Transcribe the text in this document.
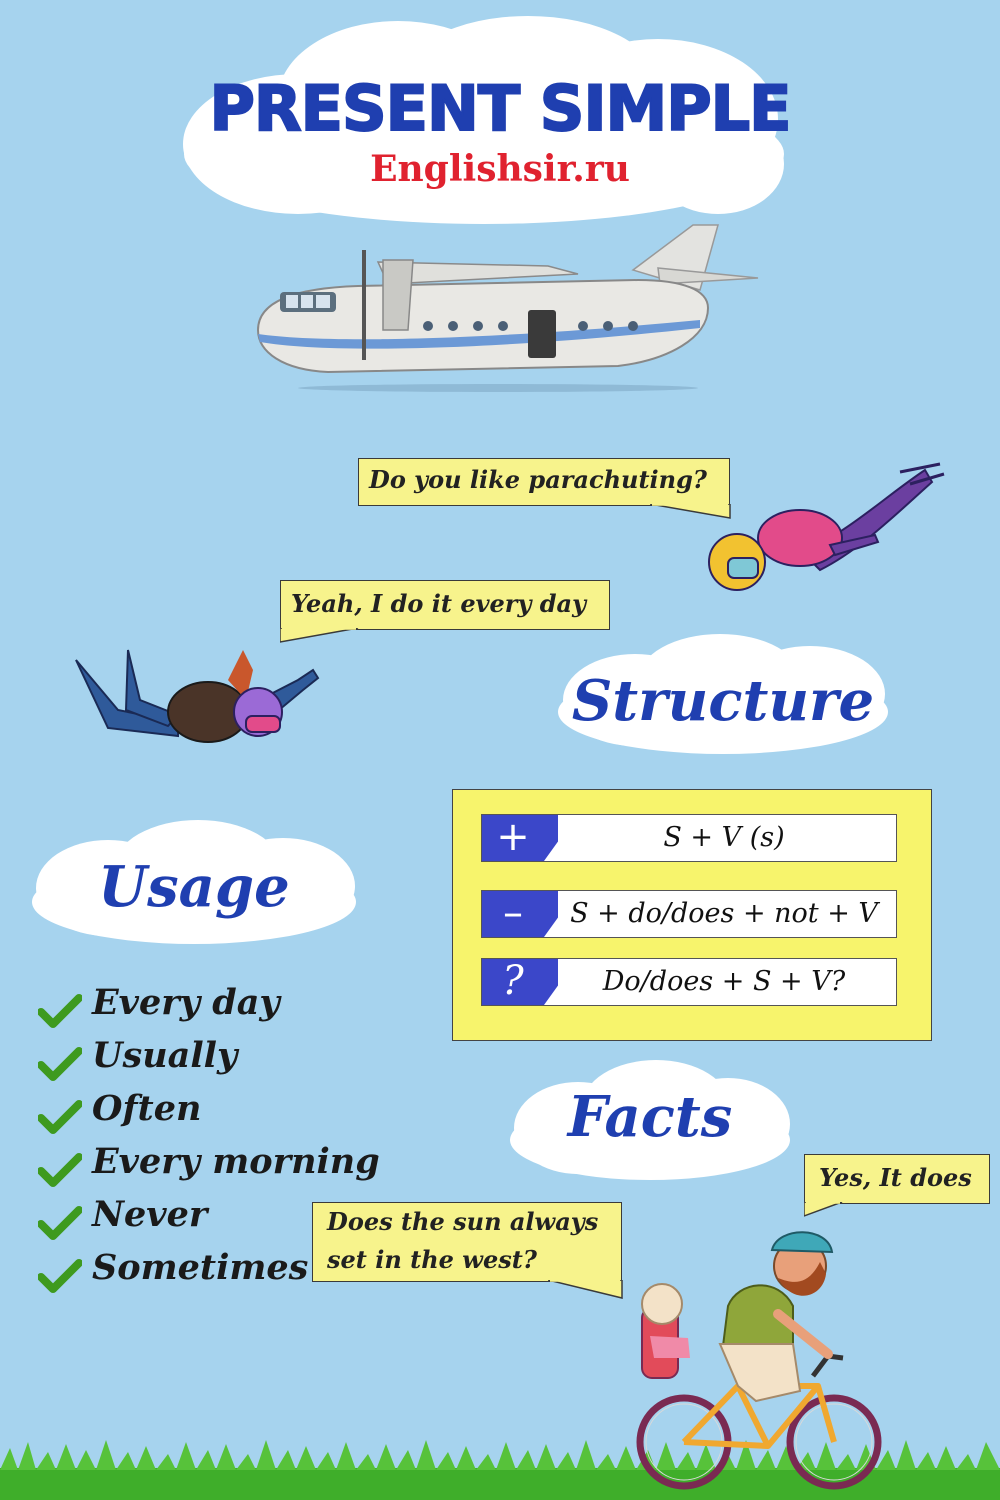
PRESENT SIMPLE
Englishsir.ru
Do you like parachuting?
Yeah, I do it every day
Structure
+	S + V (s)
–	S + do/does + not + V
?	Do/does + S + V?
Usage
Every day
Usually
Often
Every morning
Never
Sometimes
Facts
Yes, It does
Does the sun always
set in the west?
